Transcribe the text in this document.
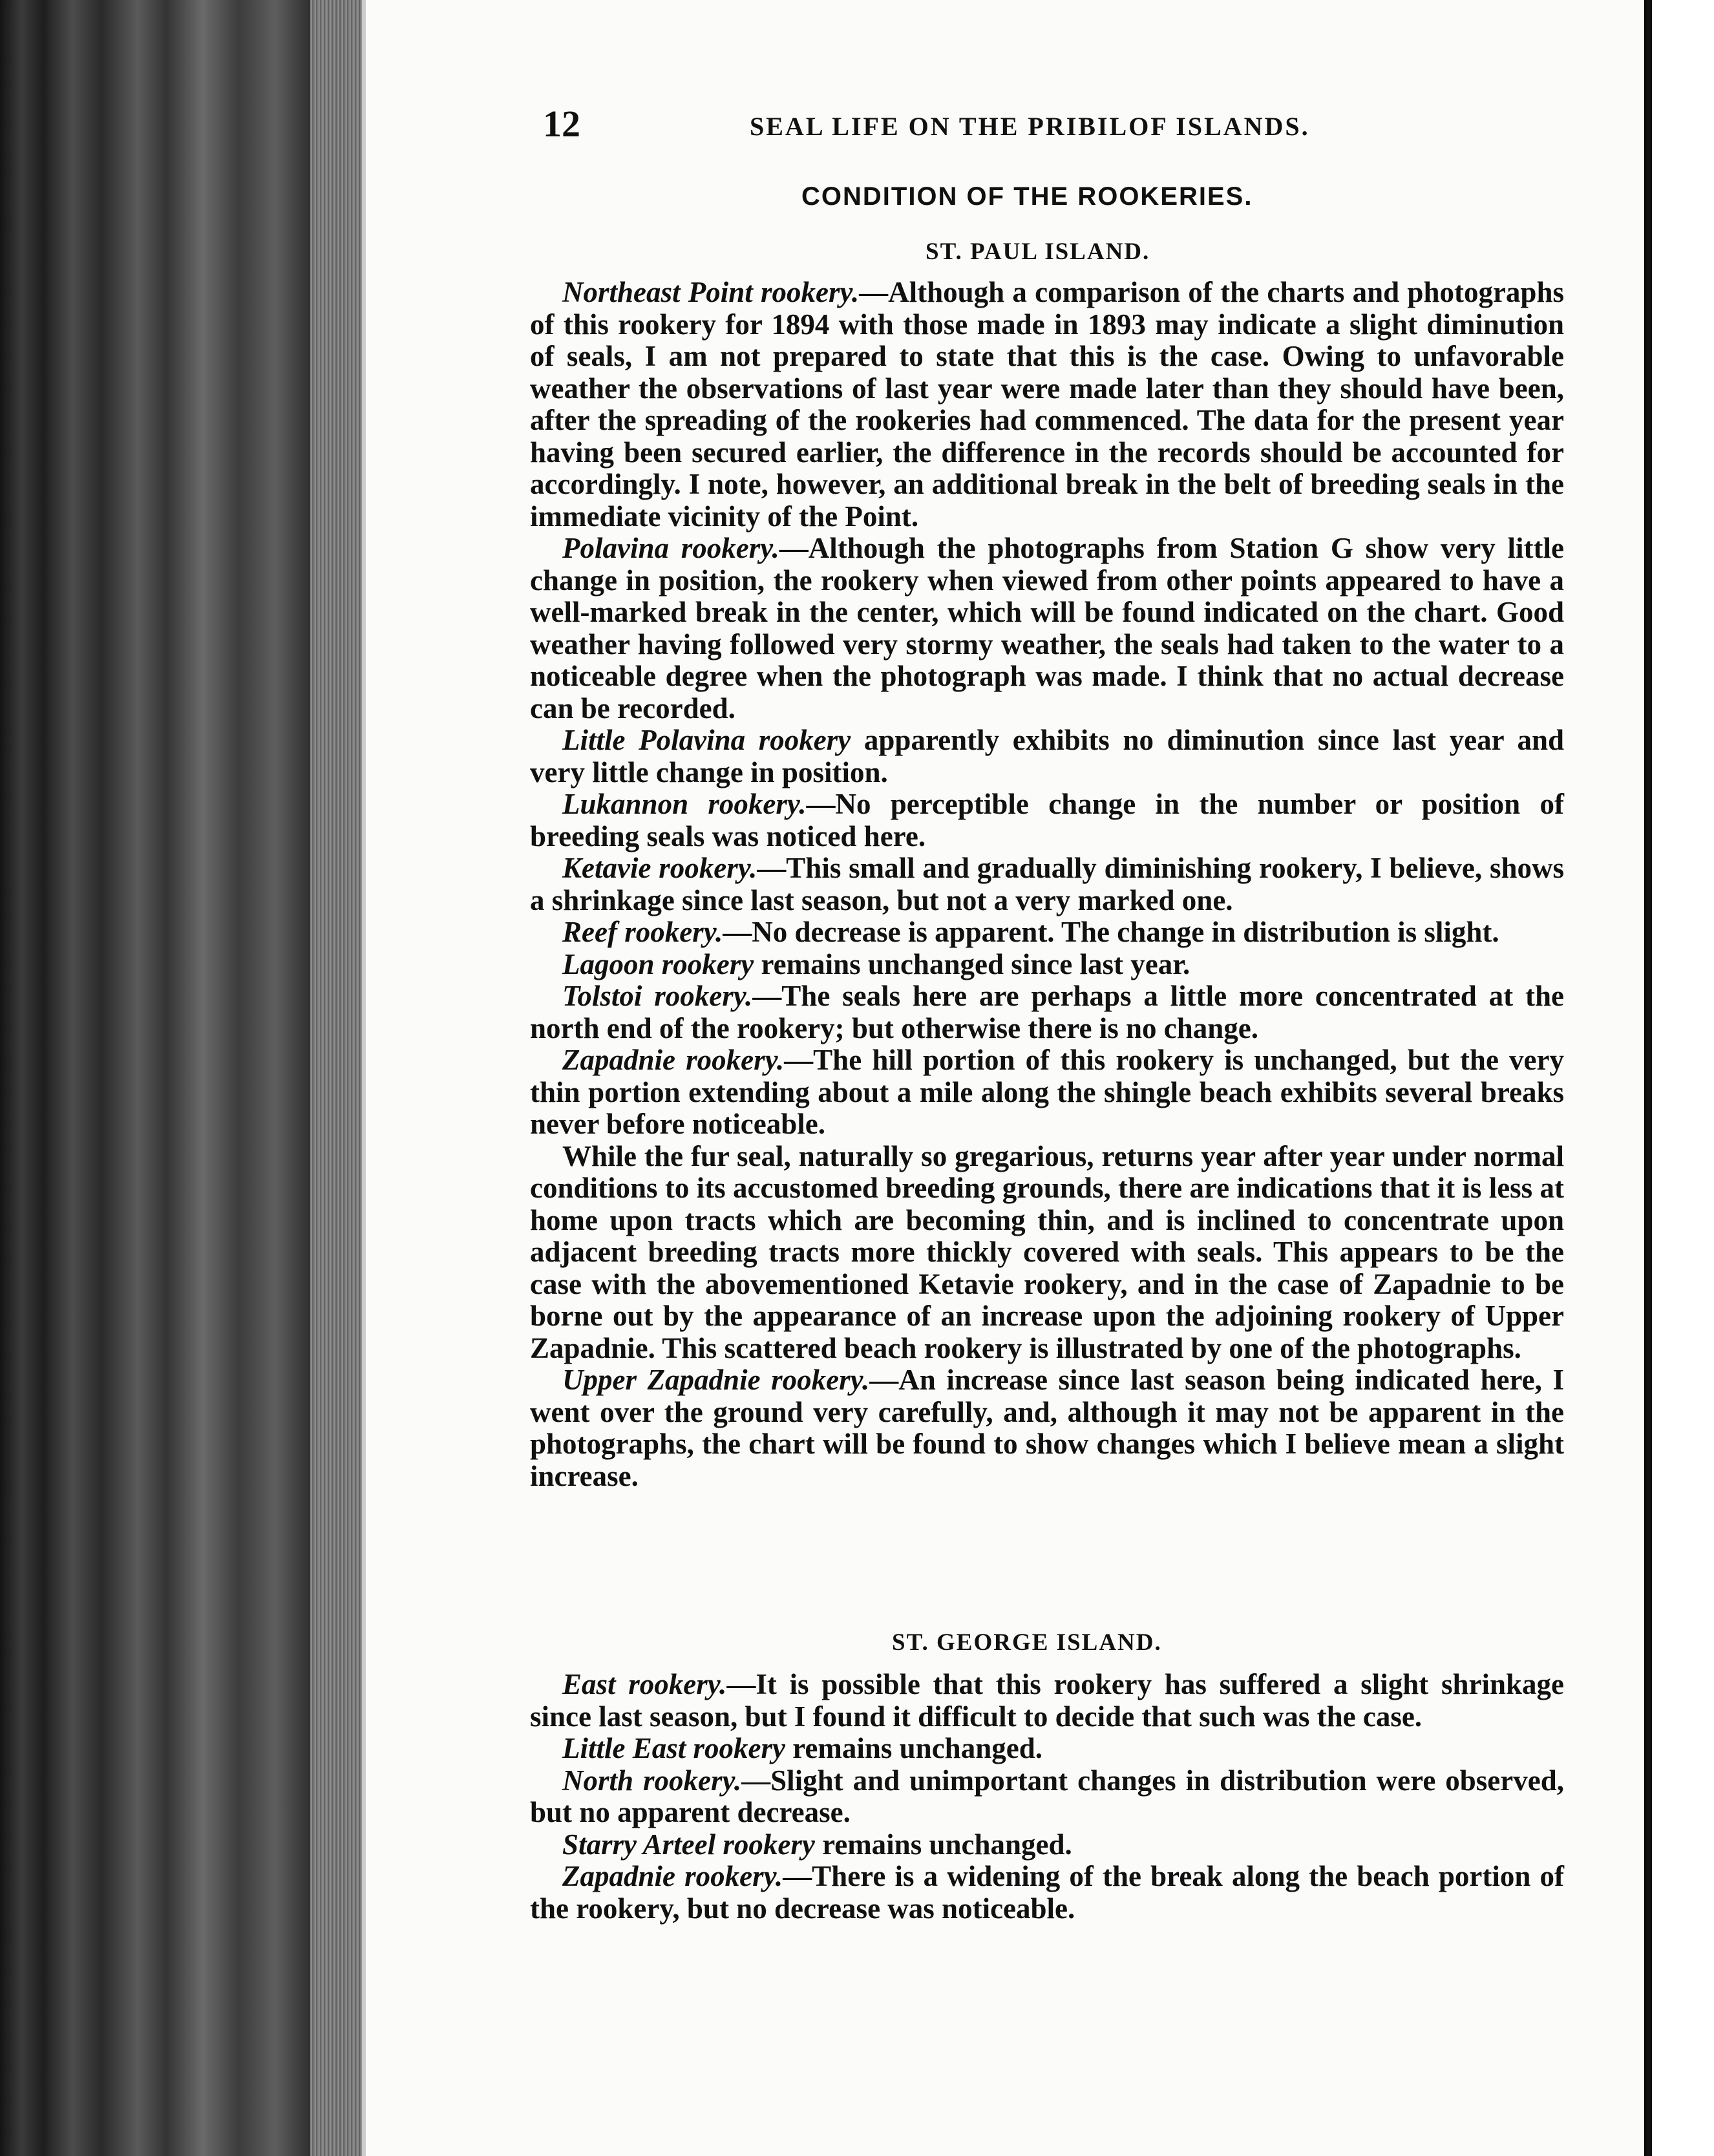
12	SEAL LIFE ON THE PRIBILOF ISLANDS.
CONDITION OF THE ROOKERIES.
ST. PAUL ISLAND.

Northeast Point rookery.—Although a comparison of the charts and photographs of this rookery for 1894 with those made in 1893 may indicate a slight diminution of seals, I am not prepared to state that this is the case. Owing to unfavorable weather the observations of last year were made later than they should have been, after the spreading of the rookeries had commenced. The data for the present year having been secured earlier, the difference in the records should be accounted for accordingly. I note, however, an additional break in the belt of breeding seals in the immediate vicinity of the Point.

Polavina rookery.—Although the photographs from Station G show very little change in position, the rookery when viewed from other points appeared to have a well-marked break in the center, which will be found indicated on the chart. Good weather having followed very stormy weather, the seals had taken to the water to a noticeable degree when the photograph was made. I think that no actual decrease can be recorded.

Little Polavina rookery apparently exhibits no diminution since last year and very little change in position.

Lukannon rookery.—No perceptible change in the number or position of breeding seals was noticed here.

Ketavie rookery.—This small and gradually diminishing rookery, I believe, shows a shrinkage since last season, but not a very marked one.

Reef rookery.—No decrease is apparent. The change in distribution is slight.

Lagoon rookery remains unchanged since last year.

Tolstoi rookery.—The seals here are perhaps a little more concentrated at the north end of the rookery; but otherwise there is no change.

Zapadnie rookery.—The hill portion of this rookery is unchanged, but the very thin portion extending about a mile along the shingle beach exhibits several breaks never before noticeable.

While the fur seal, naturally so gregarious, returns year after year under normal conditions to its accustomed breeding grounds, there are indications that it is less at home upon tracts which are becoming thin, and is inclined to concentrate upon adjacent breeding tracts more thickly covered with seals. This appears to be the case with the abovementioned Ketavie rookery, and in the case of Zapadnie to be borne out by the appearance of an increase upon the adjoining rookery of Upper Zapadnie. This scattered beach rookery is illustrated by one of the photographs.

Upper Zapadnie rookery.—An increase since last season being indicated here, I went over the ground very carefully, and, although it may not be apparent in the photographs, the chart will be found to show changes which I believe mean a slight increase.

ST. GEORGE ISLAND.

East rookery.—It is possible that this rookery has suffered a slight shrinkage since last season, but I found it difficult to decide that such was the case.

Little East rookery remains unchanged.

North rookery.—Slight and unimportant changes in distribution were observed, but no apparent decrease.

Starry Arteel rookery remains unchanged.

Zapadnie rookery.—There is a widening of the break along the beach portion of the rookery, but no decrease was noticeable.
